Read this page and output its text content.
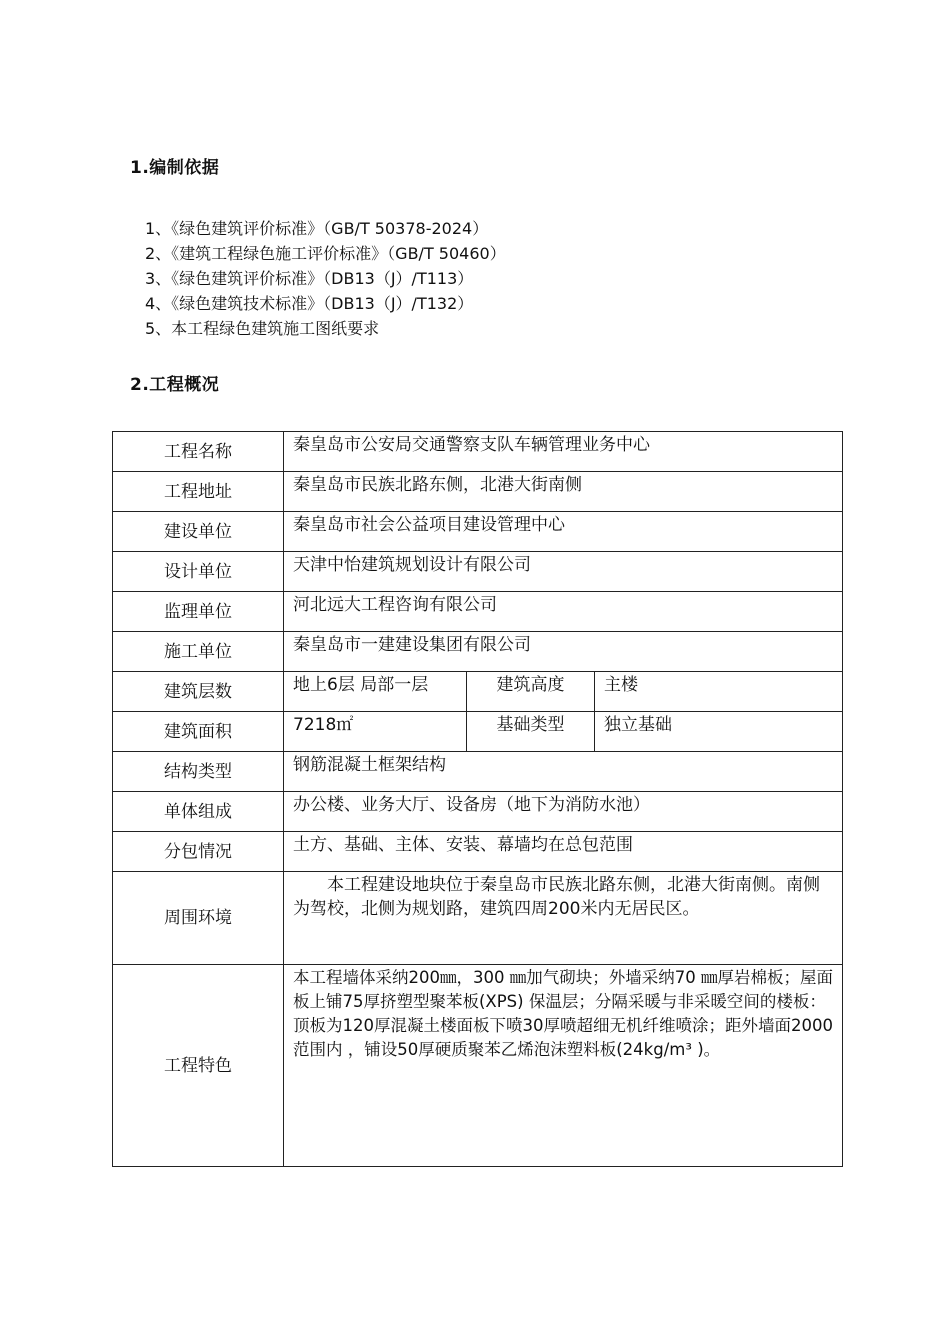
1.编制依据
1、《绿色建筑评价标准》（GB/T 50378-2024）
2、《建筑工程绿色施工评价标准》（GB/T 50460）
3、《绿色建筑评价标准》（DB13（J）/T113）
4、《绿色建筑技术标准》（DB13（J）/T132）
5、本工程绿色建筑施工图纸要求
2.工程概况
工程名称	秦皇岛市公安局交通警察支队车辆管理业务中心		
工程地址	秦皇岛市民族北路东侧，北港大街南侧		
建设单位	秦皇岛市社会公益项目建设管理中心		
设计单位	天津中怡建筑规划设计有限公司		
监理单位	河北远大工程咨询有限公司		
施工单位	秦皇岛市一建建设集团有限公司		
建筑层数	地上6层 局部一层	建筑高度	主楼
建筑面积	7218㎡	基础类型	独立基础
结构类型	钢筋混凝土框架结构		
单体组成	办公楼、业务大厅、设备房（地下为消防水池）		
分包情况	土方、基础、主体、安装、幕墙均在总包范围		
周围环境	本工程建设地块位于秦皇岛市民族北路东侧，北港大街南侧。南侧为驾校，北侧为规划路，建筑四周200米内无居民区。		
工程特色	本工程墙体采纳200㎜，300 ㎜加气砌块；外墙采纳70 ㎜厚岩棉板；屋面板上铺75厚挤塑型聚苯板(XPS) 保温层；分隔采暖与非采暖空间的楼板：顶板为120厚混凝土楼面板下喷30厚喷超细无机纤维喷涂；距外墙面2000范围内 ，铺设50厚硬质聚苯乙烯泡沫塑料板(24kg/m³ )。		
